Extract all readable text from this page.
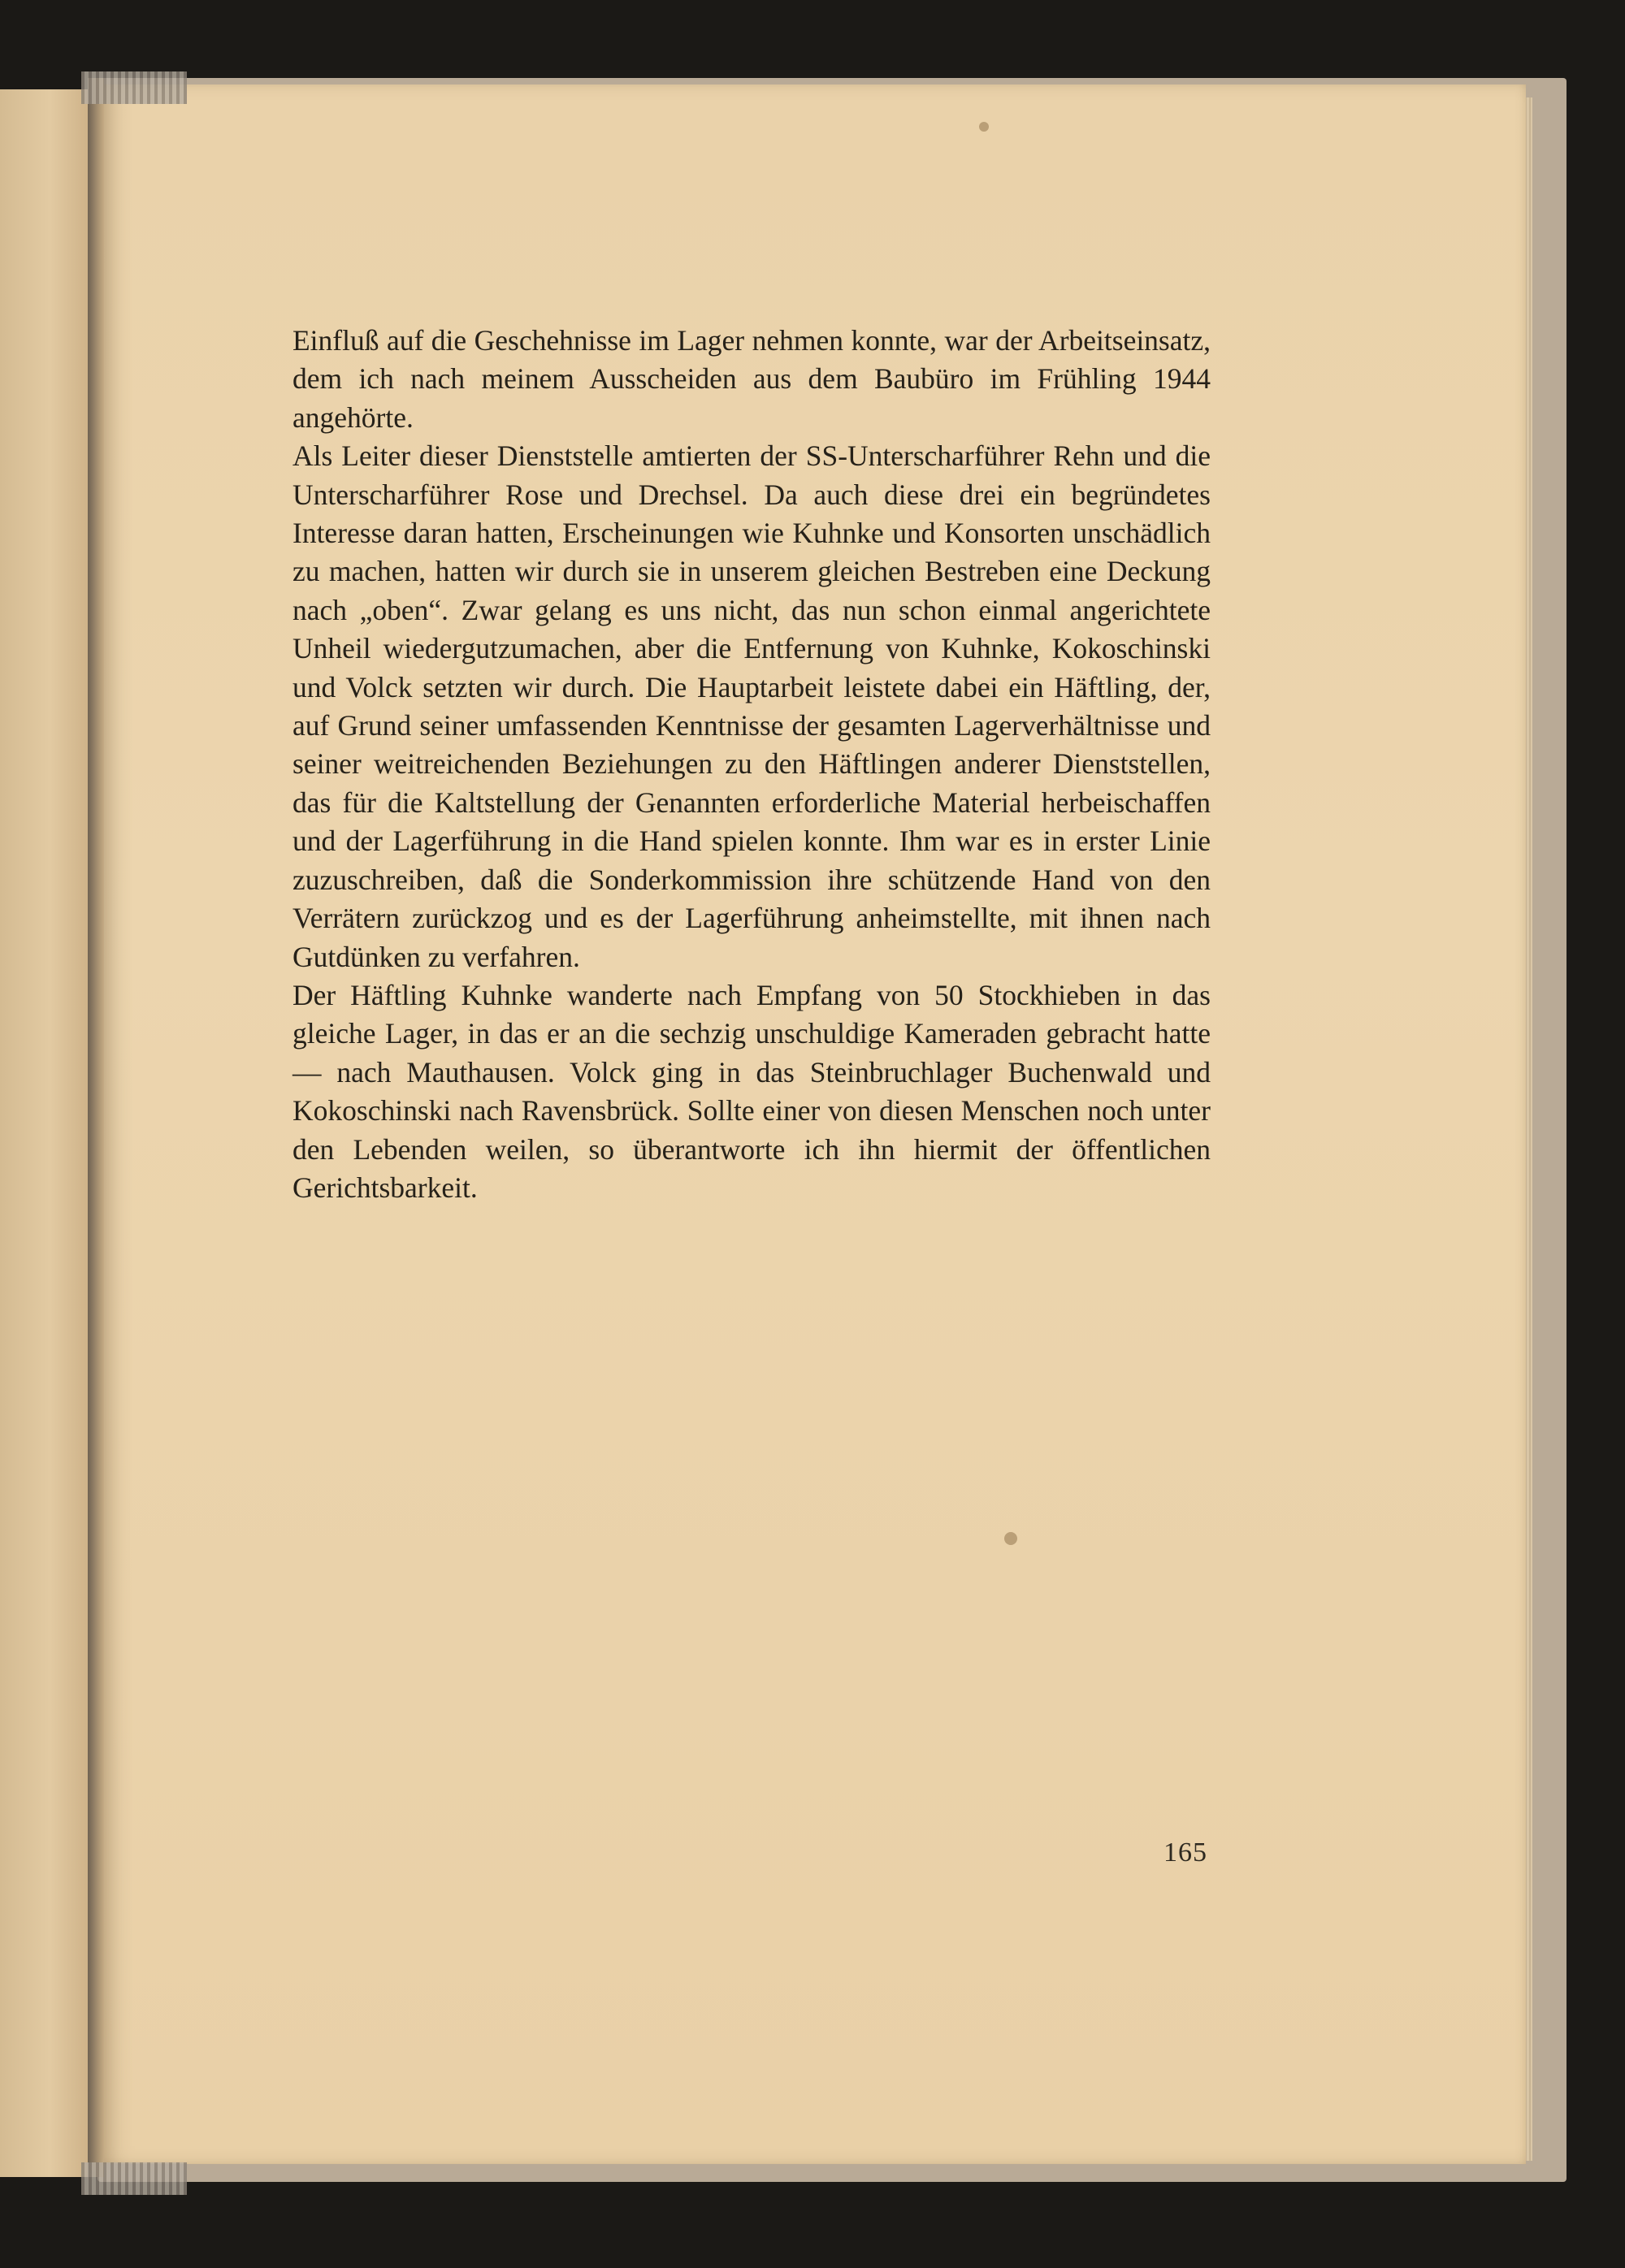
Einfluß auf die Geschehnisse im Lager nehmen konnte, war der Arbeitseinsatz, dem ich nach meinem Ausscheiden aus dem Baubüro im Frühling 1944 angehörte.
Als Leiter dieser Dienststelle amtierten der SS-Unterscharführer Rehn und die Unterscharführer Rose und Drechsel. Da auch diese drei ein begründetes Interesse daran hatten, Erscheinungen wie Kuhnke und Konsorten unschädlich zu machen, hatten wir durch sie in unserem gleichen Bestreben eine Deckung nach „oben“. Zwar gelang es uns nicht, das nun schon einmal angerichtete Unheil wiedergutzumachen, aber die Entfernung von Kuhnke, Kokoschinski und Volck setzten wir durch. Die Hauptarbeit leistete dabei ein Häftling, der, auf Grund seiner umfassenden Kenntnisse der gesamten Lagerverhältnisse und seiner weitreichenden Beziehungen zu den Häftlingen anderer Dienststellen, das für die Kaltstellung der Genannten erforderliche Material herbeischaffen und der Lagerführung in die Hand spielen konnte. Ihm war es in erster Linie zuzuschreiben, daß die Sonderkommission ihre schützende Hand von den Verrätern zurückzog und es der Lagerführung anheimstellte, mit ihnen nach Gutdünken zu verfahren.
Der Häftling Kuhnke wanderte nach Empfang von 50 Stockhieben in das gleiche Lager, in das er an die sechzig unschuldige Kameraden gebracht hatte — nach Mauthausen. Volck ging in das Steinbruchlager Buchenwald und Kokoschinski nach Ravensbrück. Sollte einer von diesen Menschen noch unter den Lebenden weilen, so überantworte ich ihn hiermit der öffentlichen Gerichtsbarkeit.

165
